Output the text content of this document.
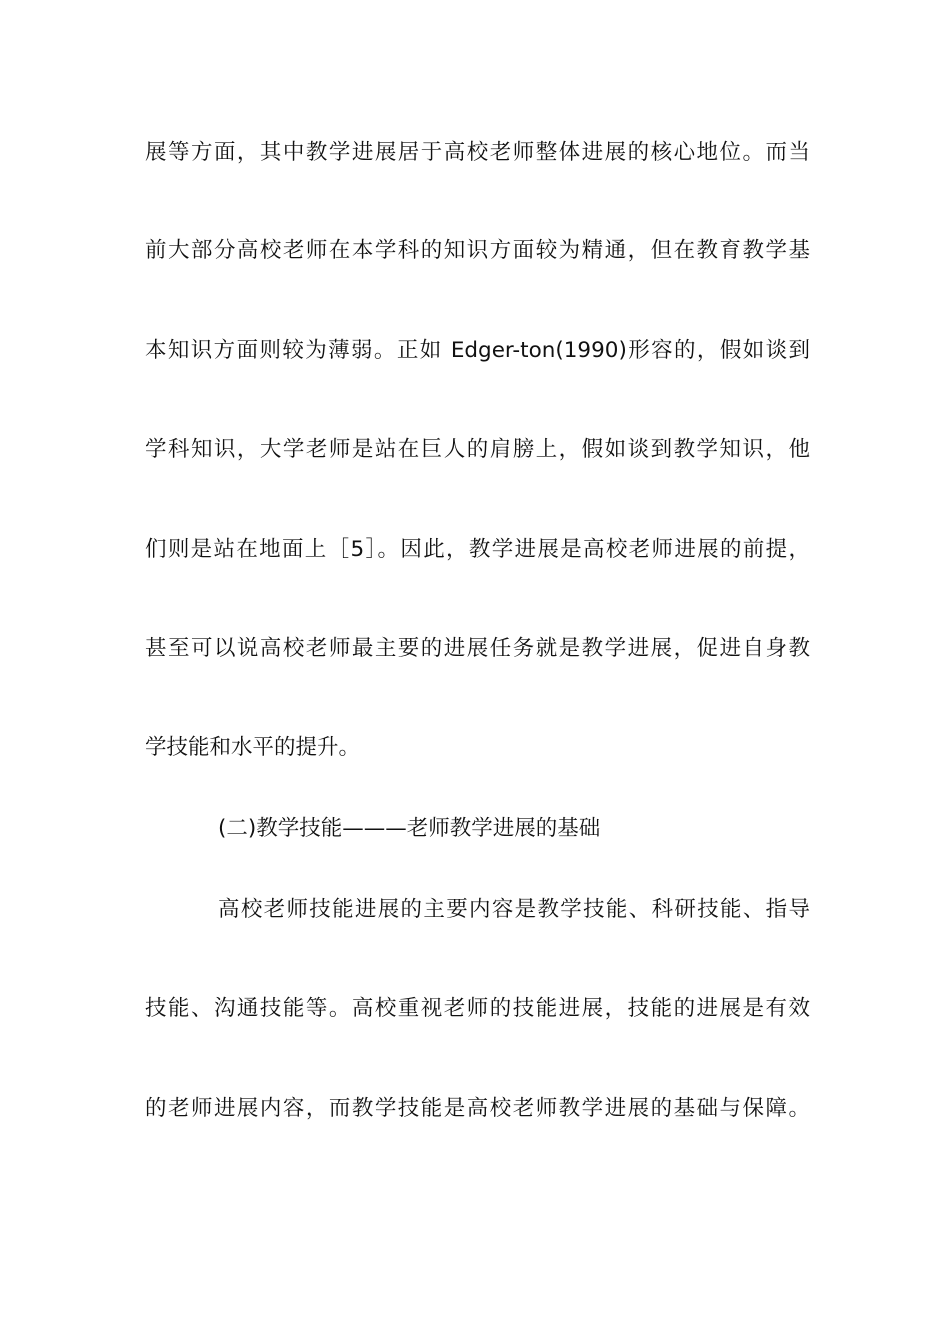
展等方面，其中教学进展居于高校老师整体进展的核心地位。而当
前大部分高校老师在本学科的知识方面较为精通，但在教育教学基
本知识方面则较为薄弱。正如 Edger-ton(1990)形容的，假如谈到
学科知识，大学老师是站在巨人的肩膀上，假如谈到教学知识，他
们则是站在地面上［5］。因此，教学进展是高校老师进展的前提，
甚至可以说高校老师最主要的进展任务就是教学进展，促进自身教
学技能和水平的提升。
(二)教学技能———老师教学进展的基础
高校老师技能进展的主要内容是教学技能、科研技能、指导
技能、沟通技能等。高校重视老师的技能进展，技能的进展是有效
的老师进展内容，而教学技能是高校老师教学进展的基础与保障。
